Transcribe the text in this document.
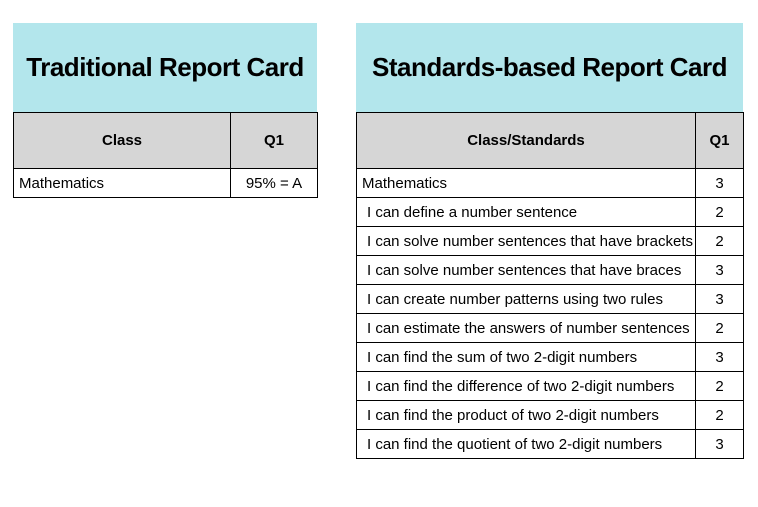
Traditional Report Card
Class	Q1
Mathematics	95% = A
Standards-based Report Card
Class/Standards	Q1
Mathematics	3
I can define a number sentence	2
I can solve number sentences that have brackets	2
I can solve number sentences that have braces	3
I can create number patterns using two rules	3
I can estimate the answers of number sentences	2
I can find the sum of two 2-digit numbers	3
I can find the difference of two 2-digit numbers	2
I can find the product of two 2-digit numbers	2
I can find the quotient of two 2-digit numbers	3
